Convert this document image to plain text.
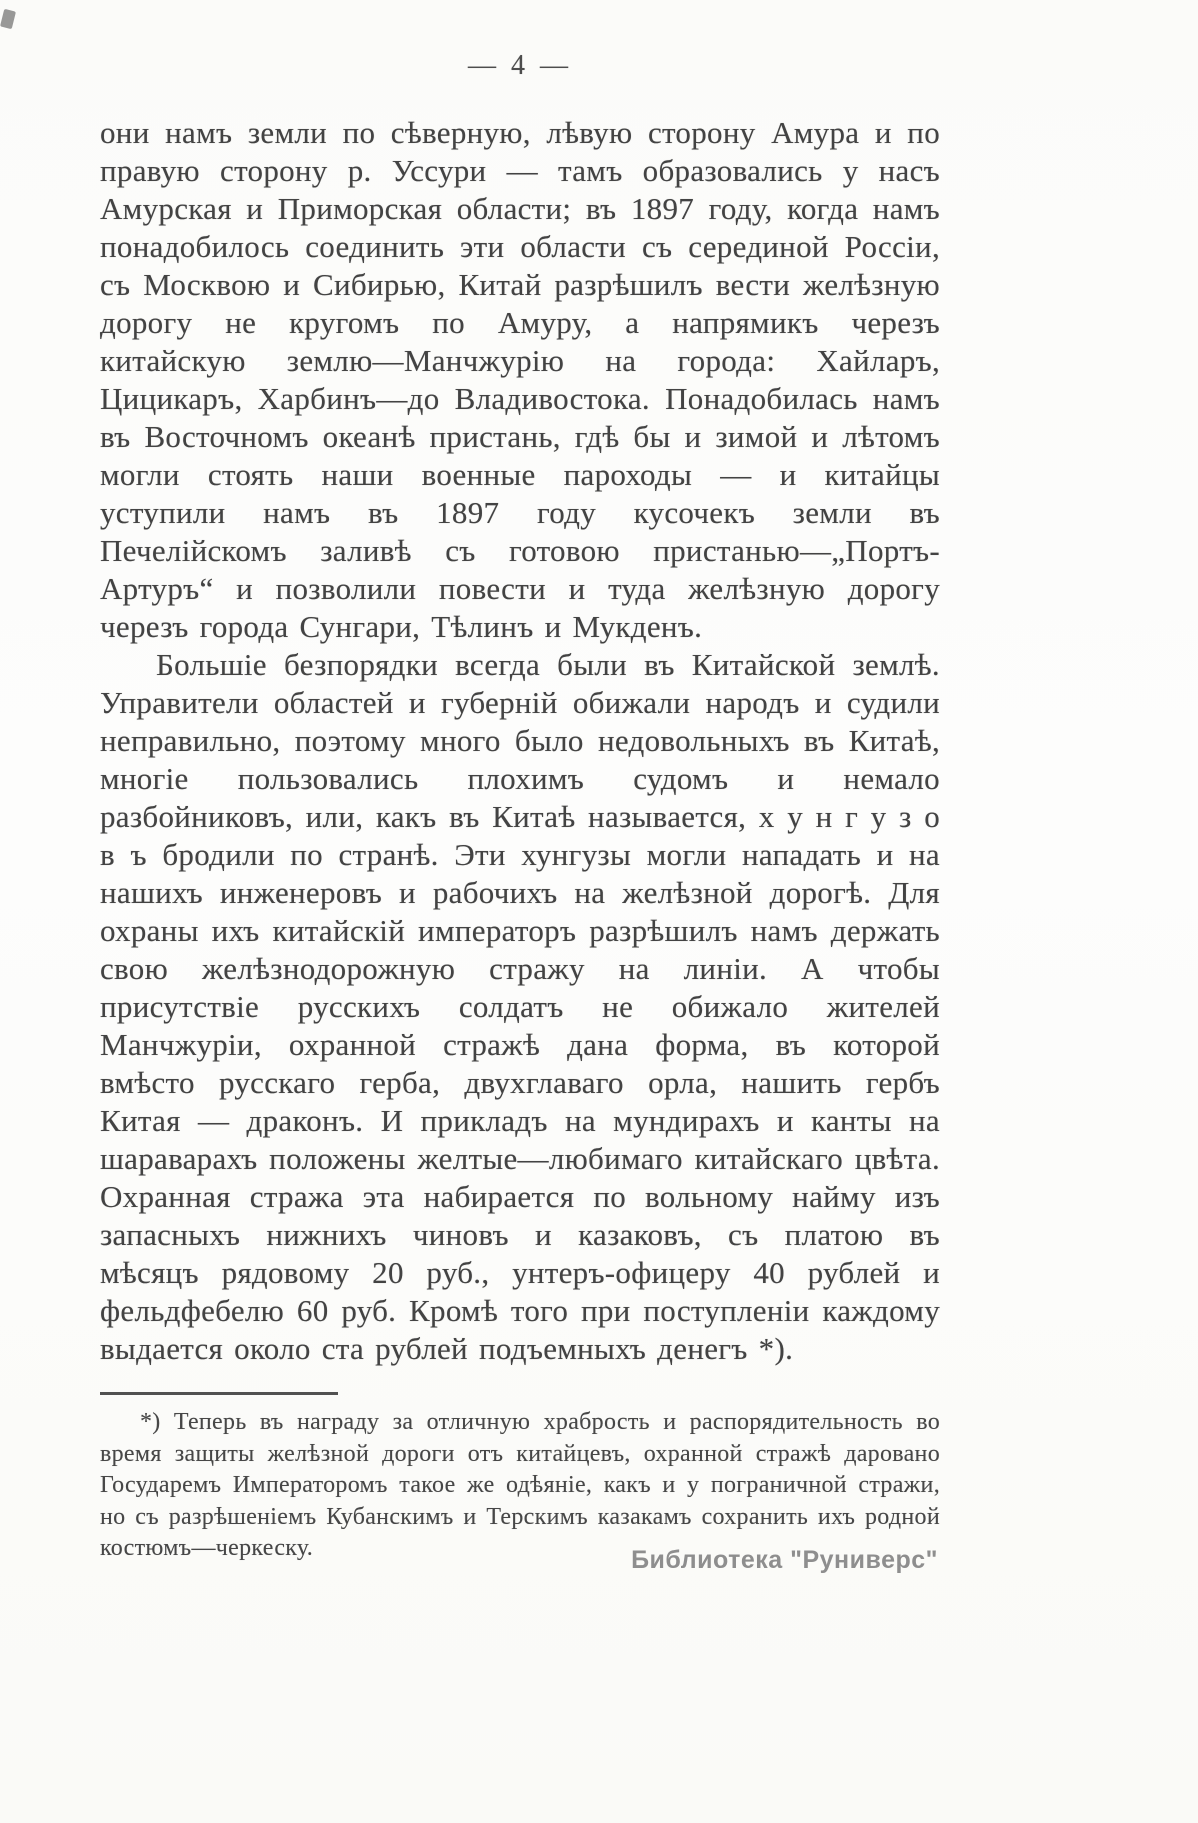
— 4 —

они намъ земли по сѣверную, лѣвую сторону Амура и по правую сторону р. Уссури — тамъ образовались у насъ Амурская и Приморская области; въ 1897 году, когда намъ понадобилось соединить эти области съ серединой Россіи, съ Москвою и Сибирью, Китай разрѣшилъ вести желѣзную дорогу не кругомъ по Амуру, а напрямикъ черезъ китайскую землю—Манчжурію на города: Хайларъ, Цицикаръ, Харбинъ—до Владивостока. Понадобилась намъ въ Восточномъ океанѣ пристань, гдѣ бы и зимой и лѣтомъ могли стоять наши военные пароходы — и китайцы уступили намъ въ 1897 году кусочекъ земли въ Печелійскомъ заливѣ съ готовою пристанью—„Портъ-Артуръ“ и позволили повести и туда желѣзную дорогу черезъ города Сунгари, Тѣлинъ и Мукденъ.

Большіе безпорядки всегда были въ Китайской землѣ. Управители областей и губерній обижали народъ и судили неправильно, поэтому много было недовольныхъ въ Китаѣ, многіе пользовались плохимъ судомъ и немало разбойниковъ, или, какъ въ Китаѣ называется, х у н г у з о в ъ бродили по странѣ. Эти хунгузы могли нападать и на нашихъ инженеровъ и рабочихъ на желѣзной дорогѣ. Для охраны ихъ китайскій императоръ разрѣшилъ намъ держать свою желѣзнодорожную стражу на линіи. А чтобы присутствіе русскихъ солдатъ не обижало жителей Манчжуріи, охранной стражѣ дана форма, въ которой вмѣсто русскаго герба, двухглаваго орла, нашить гербъ Китая — драконъ. И прикладъ на мундирахъ и канты на шараварахъ положены желтые—любимаго китайскаго цвѣта. Охранная стража эта набирается по вольному найму изъ запасныхъ нижнихъ чиновъ и казаковъ, съ платою въ мѣсяцъ рядовому 20 руб., унтеръ-офицеру 40 рублей и фельдфебелю 60 руб. Кромѣ того при поступленіи каждому выдается около ста рублей подъемныхъ денегъ *).

*) Теперь въ награду за отличную храбрость и распорядительность во время защиты желѣзной дороги отъ китайцевъ, охранной стражѣ даровано Государемъ Императоромъ такое же одѣяніе, какъ и у пограничной стражи, но съ разрѣшеніемъ Кубанскимъ и Терскимъ казакамъ сохранить ихъ родной костюмъ—черкеску.	Библиотека "Руниверс"
